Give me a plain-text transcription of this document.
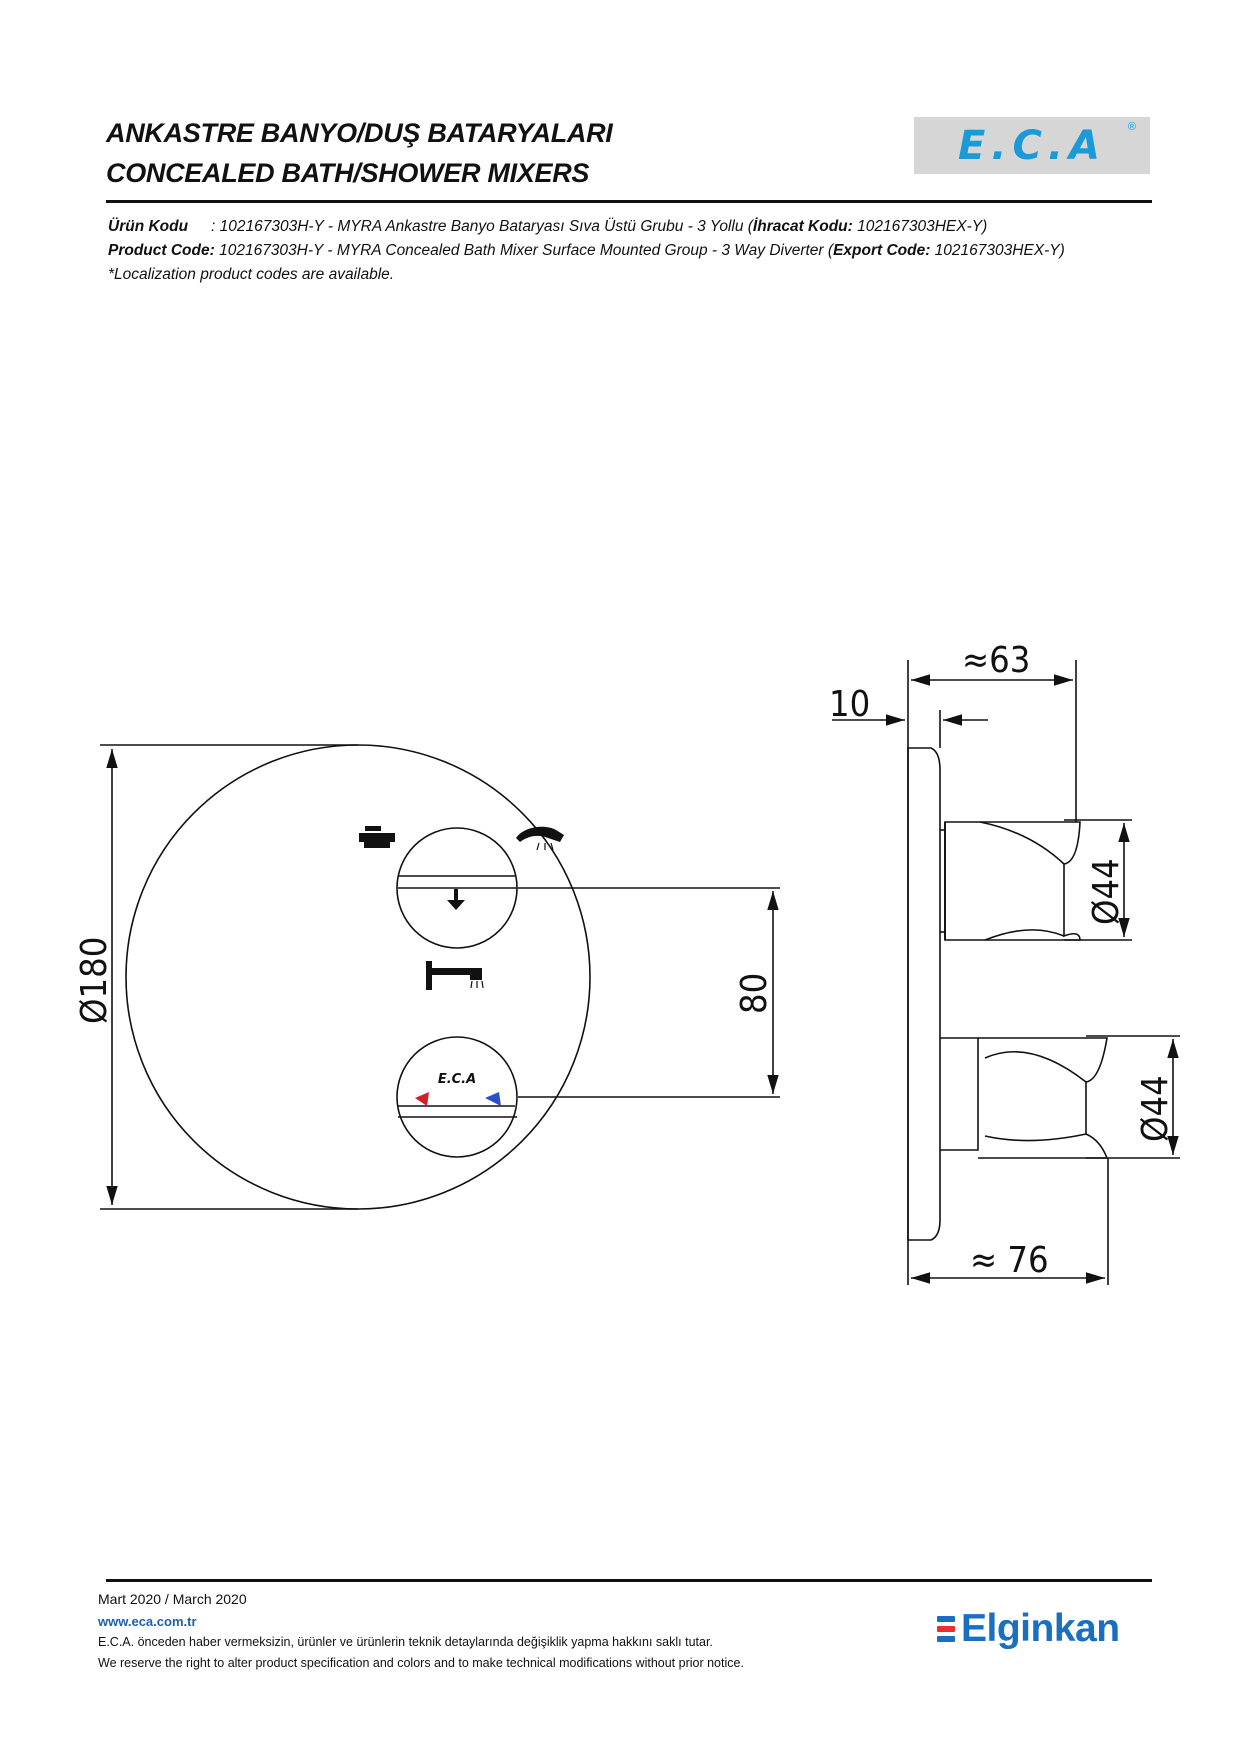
ANKASTRE BANYO/DUŞ BATARYALARI
CONCEALED BATH/SHOWER MIXERS
E.C.A	®
Ürün Kodu : 102167303H-Y - MYRA Ankastre Banyo Bataryası Sıva Üstü Grubu - 3 Yollu (İhracat Kodu: 102167303HEX-Y)
Product Code: 102167303H-Y - MYRA Concealed Bath Mixer Surface Mounted Group - 3 Way Diverter (Export Code: 102167303HEX-Y)
*Localization product codes are available.
Ø180	80
≈63
10
Ø44
Ø44
≈ 76
E.C.A
Mart 2020 / March 2020
www.eca.com.tr
E.C.A. önceden haber vermeksizin, ürünler ve ürünlerin teknik detaylarında değişiklik yapma hakkını saklı tutar.
We reserve the right to alter product specification and colors and to make technical modifications without prior notice.
Elginkan
